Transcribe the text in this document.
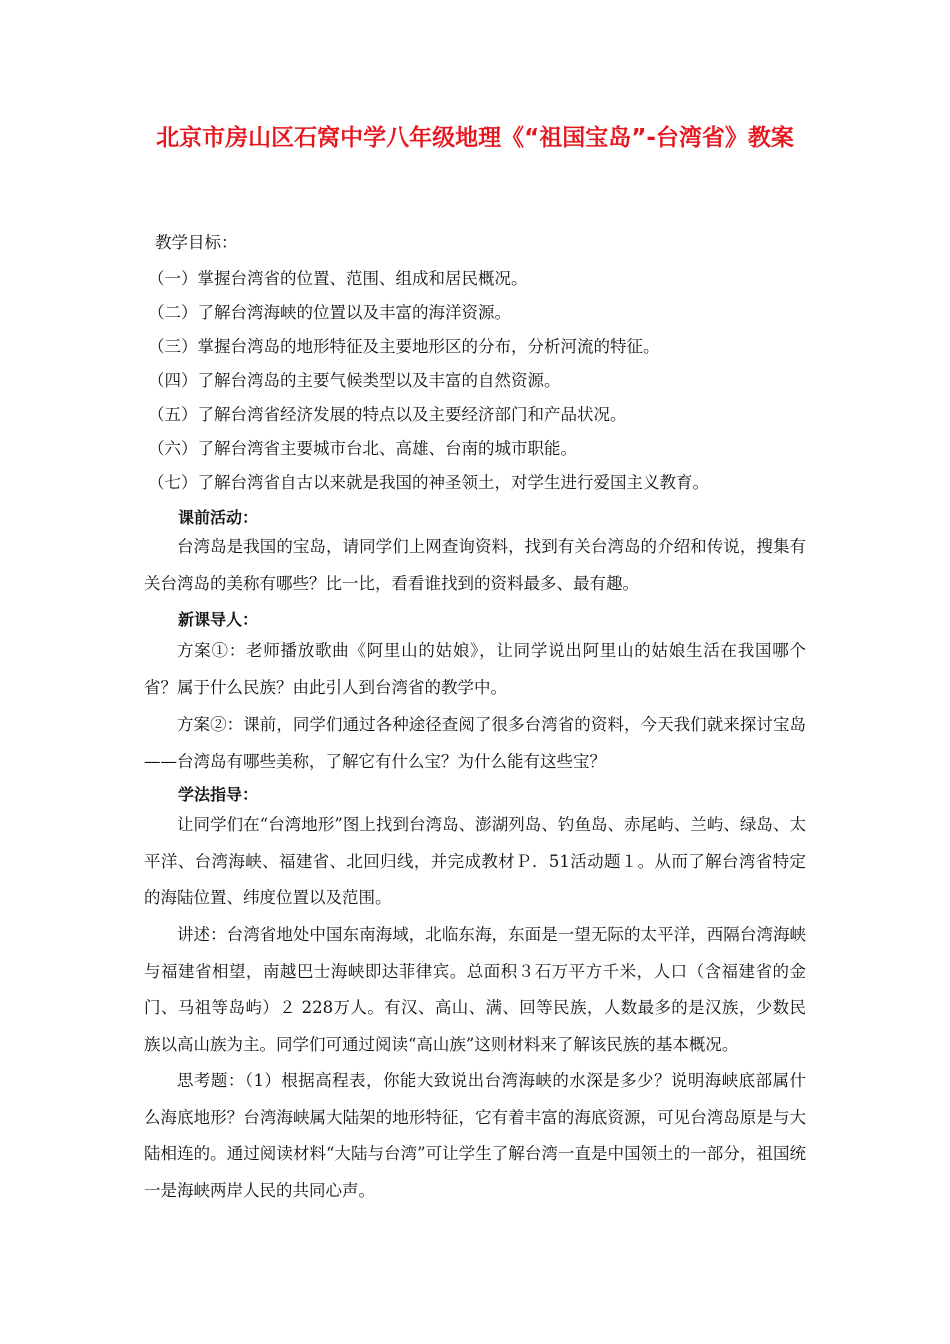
北京市房山区石窝中学八年级地理《“祖国宝岛”-台湾省》教案
教学目标：
（一）掌握台湾省的位置、范围、组成和居民概况。
（二）了解台湾海峡的位置以及丰富的海洋资源。
（三）掌握台湾岛的地形特征及主要地形区的分布，分析河流的特征。
（四）了解台湾岛的主要气候类型以及丰富的自然资源。
（五）了解台湾省经济发展的特点以及主要经济部门和产品状况。
（六）了解台湾省主要城市台北、高雄、台南的城市职能。
（七）了解台湾省自古以来就是我国的神圣领土，对学生进行爱国主义教育。
课前活动：
台湾岛是我国的宝岛，请同学们上网查询资料，找到有关台湾岛的介绍和传说，搜集有关台湾岛的美称有哪些？比一比，看看谁找到的资料最多、最有趣。
新课导人：
方案①：老师播放歌曲《阿里山的姑娘》，让同学说出阿里山的姑娘生活在我国哪个省？属于什么民族？由此引人到台湾省的教学中。
方案②：课前，同学们通过各种途径查阅了很多台湾省的资料，今天我们就来探讨宝岛——台湾岛有哪些美称，了解它有什么宝？为什么能有这些宝？
学法指导：
让同学们在“台湾地形”图上找到台湾岛、澎湖列岛、钓鱼岛、赤尾屿、兰屿、绿岛、太平洋、台湾海峡、福建省、北回归线，并完成教材Ｐ．51活动题１。从而了解台湾省特定的海陆位置、纬度位置以及范围。
讲述：台湾省地处中国东南海域，北临东海，东面是一望无际的太平洋，西隔台湾海峡与福建省相望，南越巴士海峡即达菲律宾。总面积３石万平方千米，人口（含福建省的金门、马祖等岛屿）２ 228万人。有汉、高山、满、回等民族，人数最多的是汉族，少数民族以高山族为主。同学们可通过阅读“高山族”这则材料来了解该民族的基本概况。
思考题：（1）根据高程表，你能大致说出台湾海峡的水深是多少？说明海峡底部属什么海底地形？台湾海峡属大陆架的地形特征，它有着丰富的海底资源，可见台湾岛原是与大陆相连的。通过阅读材料“大陆与台湾”可让学生了解台湾一直是中国领土的一部分，祖国统一是海峡两岸人民的共同心声。
